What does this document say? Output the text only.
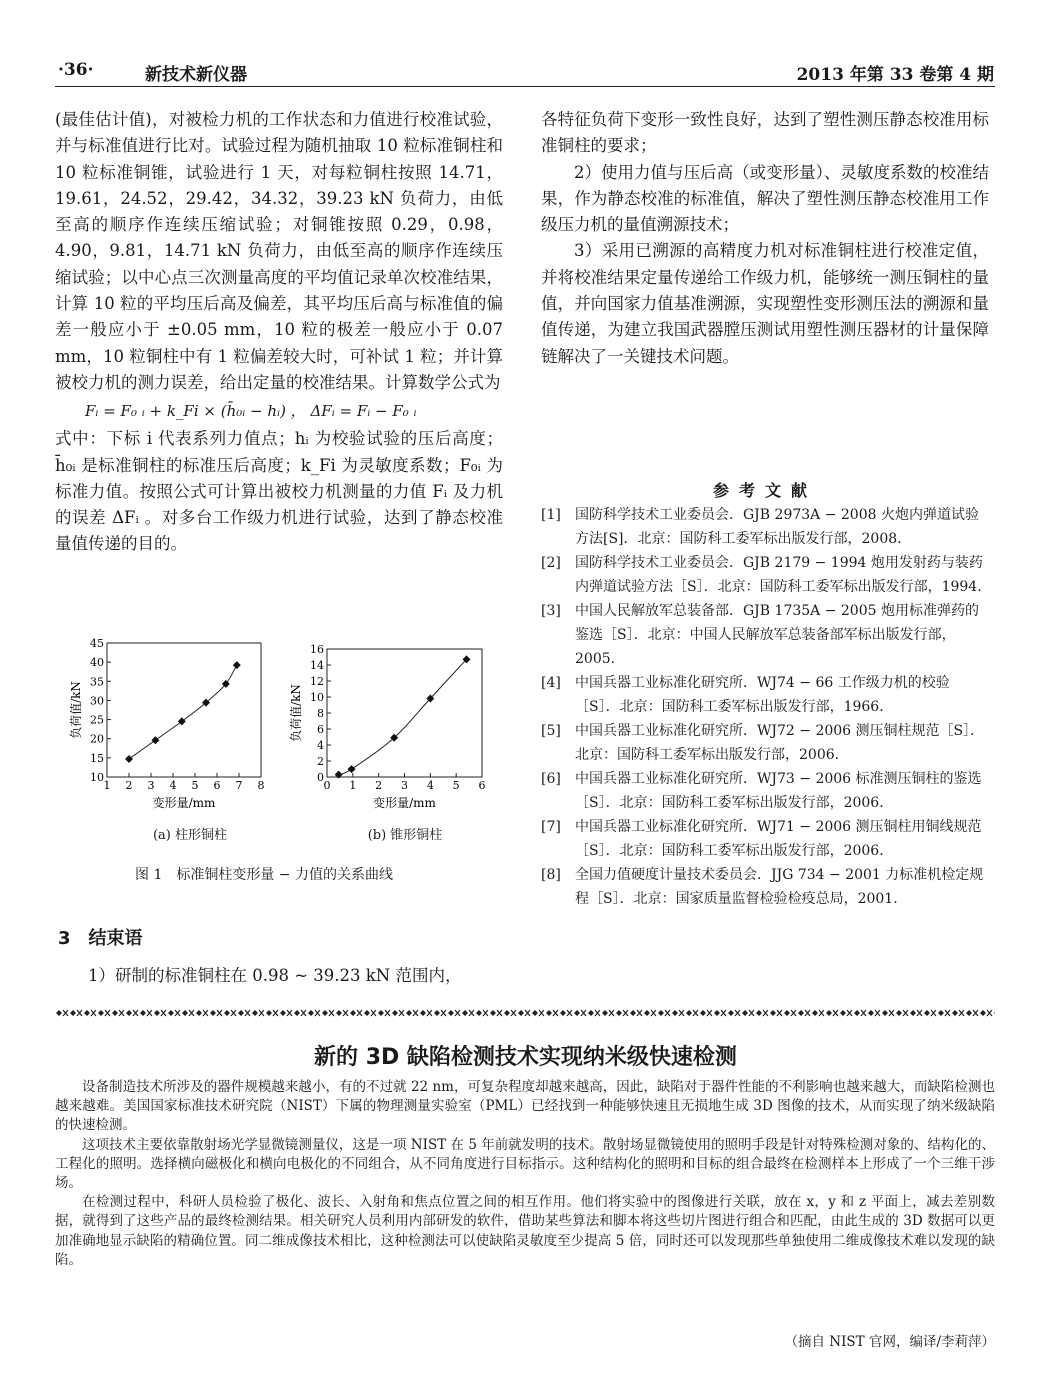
·36·	新技术新仪器	2013 年第 33 卷第 4 期

(最佳估计值)，对被检力机的工作状态和力值进行校准试验，并与标准值进行比对。试验过程为随机抽取 10 粒标准铜柱和 10 粒标准铜锥，试验进行 1 天，对每粒铜柱按照 14.71，19.61，24.52，29.42，34.32，39.23 kN 负荷力，由低至高的顺序作连续压缩试验；对铜锥按照 0.29，0.98，4.90，9.81，14.71 kN 负荷力，由低至高的顺序作连续压缩试验；以中心点三次测量高度的平均值记录单次校准结果，计算 10 粒的平均压后高及偏差，其平均压后高与标准值的偏差一般应小于 ±0.05 mm，10 粒的极差一般应小于 0.07 mm，10 粒铜柱中有 1 粒偏差较大时，可补试 1 粒；并计算被校力机的测力误差，给出定量的校准结果。计算数学公式为

Fᵢ = F₀ ᵢ + k_Fi × (h̄₀ᵢ − hᵢ) ， ΔFᵢ = Fᵢ − F₀ ᵢ

式中：下标 i 代表系列力值点；hᵢ 为校验试验的压后高度；h̄₀ᵢ 是标准铜柱的标准压后高度；k_Fi 为灵敏度系数；F₀ᵢ 为标准力值。按照公式可计算出被校力机测量的力值 Fᵢ 及力机的误差 ΔFᵢ 。对多台工作级力机进行试验，达到了静态校准量值传递的目的。

1 2 3 4 5 6 7 8
10
15
20
25
30
35
40
45
变形量/mm
负荷值/kN
0 1 2 3 4 5 6
0
2
4
6
8
10
12
14
16
变形量/mm
负荷值/kN
(a) 柱形铜柱	(b) 锥形铜柱
图 1　标准铜柱变形量 − 力值的关系曲线
3　结束语
1）研制的标准铜柱在 0.98 ~ 39.23 kN 范围内，

各特征负荷下变形一致性良好，达到了塑性测压静态校准用标准铜柱的要求；

2）使用力值与压后高（或变形量）、灵敏度系数的校准结果，作为静态校准的标准值，解决了塑性测压静态校准用工作级压力机的量值溯源技术；

3）采用已溯源的高精度力机对标准铜柱进行校准定值，并将校准结果定量传递给工作级力机，能够统一测压铜柱的量值，并向国家力值基准溯源，实现塑性变形测压法的溯源和量值传递，为建立我国武器膛压测试用塑性测压器材的计量保障链解决了一关键技术问题。

参考文献
[1]	国防科学技术工业委员会．GJB 2973A − 2008 火炮内弹道试验方法[S]．北京：国防科工委军标出版发行部，2008.
[2]	国防科学技术工业委员会．GJB 2179 − 1994 炮用发射药与装药内弹道试验方法［S］．北京：国防科工委军标出版发行部，1994.
[3]	中国人民解放军总装备部．GJB 1735A − 2005 炮用标准弹药的鉴选［S］．北京：中国人民解放军总装备部军标出版发行部，2005.
[4]	中国兵器工业标准化研究所．WJ74 − 66 工作级力机的校验［S］．北京：国防科工委军标出版发行部，1966.
[5]	中国兵器工业标准化研究所．WJ72 − 2006 测压铜柱规范［S］．北京：国防科工委军标出版发行部，2006.
[6]	中国兵器工业标准化研究所．WJ73 − 2006 标准测压铜柱的鉴选［S］．北京：国防科工委军标出版发行部，2006.
[7]	中国兵器工业标准化研究所．WJ71 − 2006 测压铜柱用铜线规范［S］．北京：国防科工委军标出版发行部，2006.
[8]	全国力值硬度计量技术委员会．JJG 734 − 2001 力标准机检定规程［S］．北京：国家质量监督检验检疫总局，2001.
新的 3D 缺陷检测技术实现纳米级快速检测

设备制造技术所涉及的器件规模越来越小，有的不过就 22 nm，可复杂程度却越来越高，因此，缺陷对于器件性能的不利影响也越来越大，而缺陷检测也越来越难。美国国家标准技术研究院（NIST）下属的物理测量实验室（PML）已经找到一种能够快速且无损地生成 3D 图像的技术，从而实现了纳米级缺陷的快速检测。

这项技术主要依靠散射场光学显微镜测量仪，这是一项 NIST 在 5 年前就发明的技术。散射场显微镜使用的照明手段是针对特殊检测对象的、结构化的、工程化的照明。选择横向磁极化和横向电极化的不同组合，从不同角度进行目标指示。这种结构化的照明和目标的组合最终在检测样本上形成了一个三维干涉场。

在检测过程中，科研人员检验了极化、波长、入射角和焦点位置之间的相互作用。他们将实验中的图像进行关联，放在 x，y 和 z 平面上，减去差别数据，就得到了这些产品的最终检测结果。相关研究人员利用内部研发的软件，借助某些算法和脚本将这些切片图进行组合和匹配，由此生成的 3D 数据可以更加准确地显示缺陷的精确位置。同二维成像技术相比，这种检测法可以使缺陷灵敏度至少提高 5 倍，同时还可以发现那些单独使用二维成像技术难以发现的缺陷。

（摘自 NIST 官网，编译/李莉萍）
